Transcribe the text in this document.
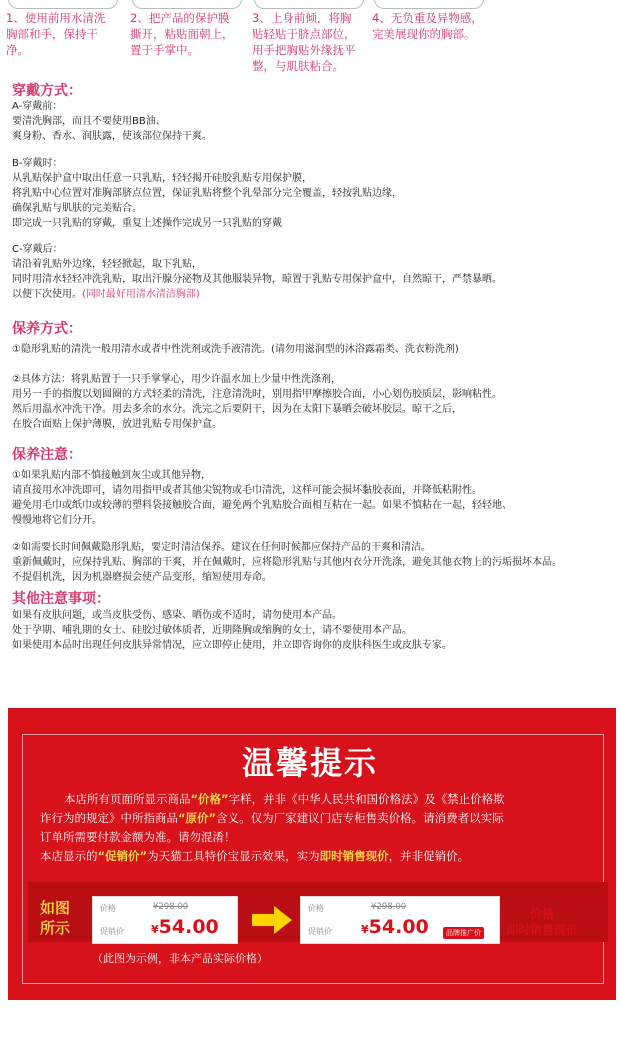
1、使用前用水清洗
胸部和手，保持干
净。
2、把产品的保护膜
撕开，粘贴面朝上，
置于手掌中。
3、上身前倾，将胸
贴轻贴于脐点部位，
用手把胸贴外缘抚平
整，与肌肤粘合。
4、无负重及异物感，
完美展现你的胸部。
穿戴方式：
A-穿戴前：
要清洗胸部，而且不要使用BB油、
爽身粉、香水、润肤露，使该部位保持干爽。
B-穿戴时：
从乳贴保护盒中取出任意一只乳贴，轻轻揭开硅胶乳贴专用保护膜，
将乳贴中心位置对准胸部脐点位置，保证乳贴将整个乳晕部分完全覆盖，轻按乳贴边缘，
确保乳贴与肌肤的完美贴合。
即完成一只乳贴的穿戴，重复上述操作完成另一只乳贴的穿戴
C-穿戴后：
请沿着乳贴外边缘，轻轻掀起，取下乳贴，
同时用清水轻轻冲洗乳贴，取出汗腺分泌物及其他服装异物，晾置于乳贴专用保护盒中，自然晾干，严禁暴晒。
以便下次使用。(同时最好用清水清洁胸部)
保养方式：
①隐形乳贴的清洗一般用清水或者中性洗剂或洗手液清洗。(请勿用滋润型的沐浴露霜类、洗衣粉洗剂)
②具体方法：将乳贴置于一只手掌掌心，用少许温水加上少量中性洗涤剂，
用另一手的指腹以划圆圈的方式轻柔的清洗，注意清洗时，别用指甲摩擦胶合面，小心划伤胶质层，影响粘性。
然后用温水冲洗干净。用去多余的水分。洗完之后要阴干，因为在太阳下暴晒会破坏胶层。晾干之后，
在胶合面贴上保护薄膜，放进乳贴专用保护盒。
保养注意：
①如果乳贴内部不慎接触到灰尘或其他异物，
请直接用水冲洗即可，请勿用指甲或者其他尖锐物或毛巾清洗，这样可能会损坏黏胶表面，并降低粘附性。
避免用毛巾或纸巾或较薄的塑料袋接触胶合面，避免两个乳贴胶合面相互粘在一起。如果不慎粘在一起，轻轻地、
慢慢地将它们分开。
②如需要长时间佩戴隐形乳贴，要定时清洁保养。建议在任何时候都应保持产品的干爽和清洁。
重新佩戴时，应保持乳贴、胸部的干爽，并在佩戴时，应将隐形乳贴与其他内衣分开洗涤，避免其他衣物上的污垢损坏本品。
不提倡机洗，因为机器磨损会使产品变形，缩短使用寿命。
其他注意事项：
如果有皮肤问题，或当皮肤受伤、感染、晒伤或不适时，请勿使用本产品。
处于孕期、哺乳期的女士、硅胶过敏体质者，近期隆胸或缩胸的女士，请不要使用本产品。
如果使用本品时出现任何皮肤异常情况，应立即停止使用，并立即咨询你的皮肤科医生或皮肤专家。
温馨提示
本店所有页面所显示商品“价格”字样，并非《中华人民共和国价格法》及《禁止价格欺
诈行为的规定》中所指商品“原价”含义。仅为厂家建议门店专柜售卖价格。请消费者以实际
订单所需要付款金额为准。请勿混淆！
本店显示的“促销价”为天猫工具特价宝显示效果，实为即时销售现价，并非促销价。
如图
所示
价格	¥298.00
促销价 ¥54.00
价格	¥298.00
促销价	¥54.00	品牌推广价
价格
即时销售现价
（此图为示例，非本产品实际价格）
